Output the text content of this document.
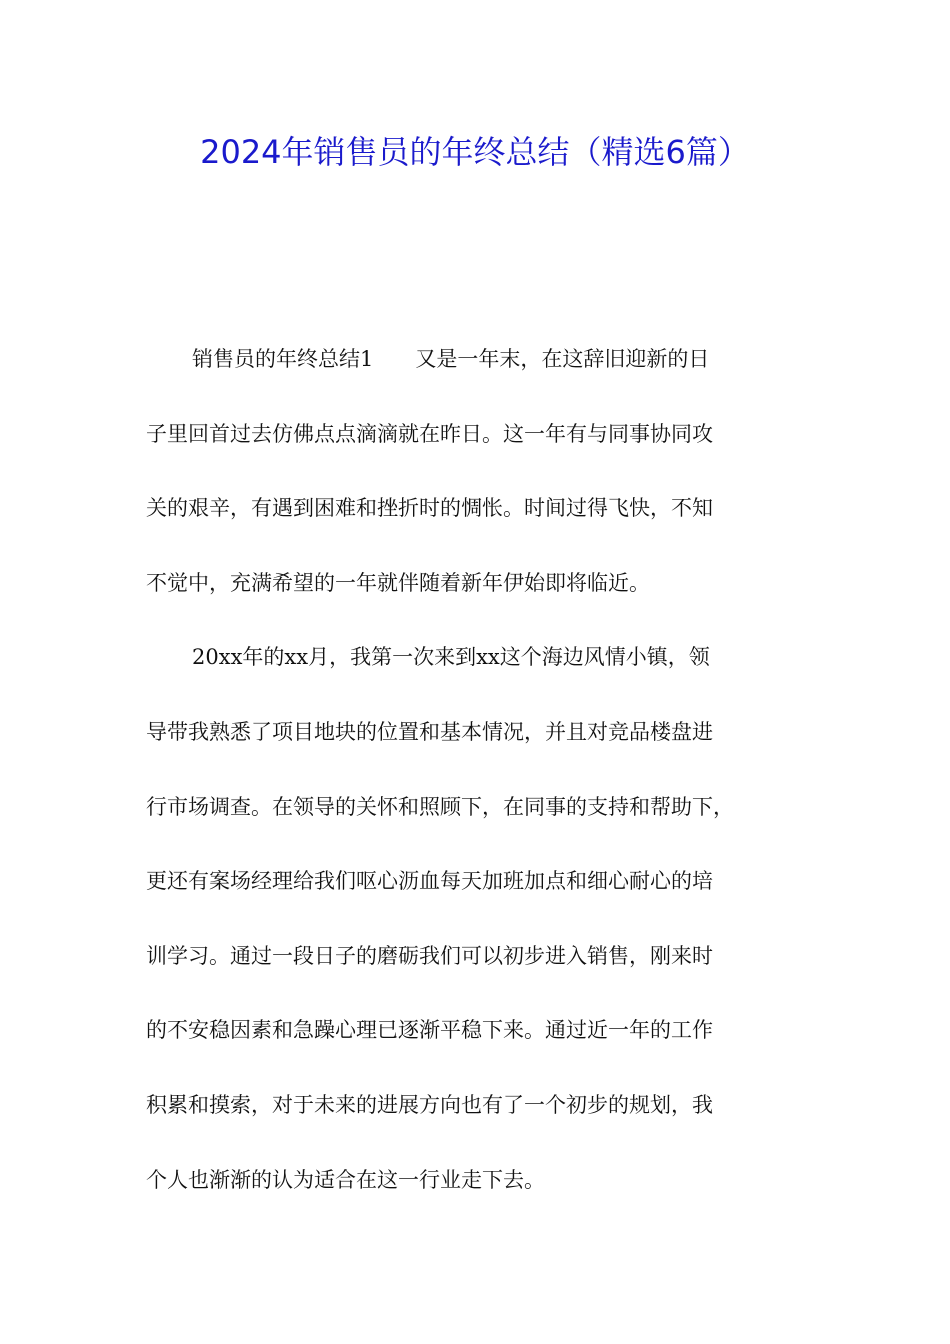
2024年销售员的年终总结（精选6篇）
销售员的年终总结1　　又是一年末，在这辞旧迎新的日
子里回首过去仿佛点点滴滴就在昨日。这一年有与同事协同攻
关的艰辛，有遇到困难和挫折时的惆怅。时间过得飞快，不知
不觉中，充满希望的一年就伴随着新年伊始即将临近。
20xx年的xx月，我第一次来到xx这个海边风情小镇，领
导带我熟悉了项目地块的位置和基本情况，并且对竞品楼盘进
行市场调查。在领导的关怀和照顾下，在同事的支持和帮助下，
更还有案场经理给我们呕心沥血每天加班加点和细心耐心的培
训学习。通过一段日子的磨砺我们可以初步进入销售，刚来时
的不安稳因素和急躁心理已逐渐平稳下来。通过近一年的工作
积累和摸索，对于未来的进展方向也有了一个初步的规划，我
个人也渐渐的认为适合在这一行业走下去。
